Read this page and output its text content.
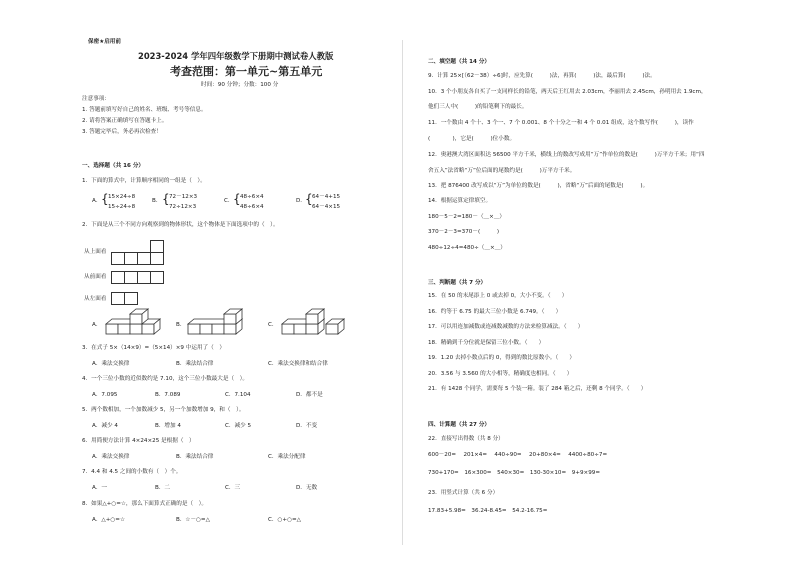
保密★启用前
2023-2024 学年四年级数学下册期中测试卷人教版
考查范围：第一单元~第五单元
时间：90 分钟；分数：100 分
注意事项：
1. 答题前填写好自己的姓名、班级、考号等信息。
2. 请将答案正确填写在答题卡上。
3. 答题完毕后，务必再次检查！
一、选择题（共 16 分）
1．下面的算式中，计算顺序相同的一组是（　）。
A． { 15×24÷8
15÷24÷8
B． { 72－12×3
72÷12×3
C． { 48÷6×4
48÷6×4
D． { 64－4+15
64－4×15
2．下面是从三个不同方向观察到的物体形状，这个物体是下面选项中的（　）。
从上面看
从前面看
从左面看
A．	B．	C．
3．在式子 5×（14×9）=（5×14）×9 中运用了（　）
A．乘法交换律	B．乘法结合律	C．乘法交换律和结合律
4．一个三位小数的近似数约是 7.10，这个三位小数最大是（　）。
A．7.095	B．7.089	C．7.104	D．都不是
5．两个数相加，一个加数减少 5，另一个加数增加 9，和（　）。
A．减少 4	B．增加 4	C．减少 5	D．不变
6．用简便方法计算 4×24×25 是根据（　）
A．乘法交换律	B．乘法结合律	C．乘法分配律
7．4.4 和 4.5 之间的小数有（　）个。
A．一	B．二	C．三	D．无数
8．如果△+○=☆，那么下面算式正确的是（　）。
A．△+○=☆	B．☆－○=△	C．○+○=△
二、填空题（共 14 分）
9．计算 25×[（62－38）÷6]时，应先算(　　　)法，再算(　　　)法，最后算(　　　)法。
10．3 个小朋友各自买了一支同样长的铅笔，两天后王红用去 2.03cm，李丽用去 2.45cm，孙明用去 1.9cm，
他们三人中(　　　)的铅笔剩下的最长。
11．一个数由 4 个十、3 个一、7 个 0.001、8 个十分之一和 4 个 0.01 组成，这个数写作(　　　)，读作
(　　　　)，它是(　　　)位小数。
12．奥港澳大湾区面积达 56500 平方千米，横线上的数改写成用“万”作单位的数是(　　　)万平方千米；用“四
舍五入”法省略“万”位后面的尾数约是(　　　)万平方千米。
13．把 876400 改写成以“万”为单位的数是(　　　)，省略“万”后面的尾数是(　　　)。
14．根据运算定律填空。
180－5－2=180－（＿×＿）
370－2－3=370－(　　　)
480÷12÷4=480÷（＿×＿）
三、判断题（共 7 分）
15．在 50 的末尾添上 0 或去掉 0，大小不变。（　　）
16．约等于 6.75 的最大三位小数是 6.749。（　　）
17．可以用连加减数或连减数减数的方法来检算减法。（　　）
18．精确到千分位就是保留三位小数。（　　）
19．1.20 去掉小数点后的 0，得到的数比原数小。（　　）
20．3.56 与 3.560 的大小相等，精确度也相同。（　　）
21．有 1428 个同学，需要每 5 个装一箱。装了 284 箱之后，还剩 8 个同学。（　　）
四、计算题（共 27 分）
22．直接写出得数（共 8 分）
600－20=　 201×4=　 440÷90=　 20+80×4=　 4400÷80÷7=
730+170=　16×300=　540×30=　130-30×10=　9+9×99=
23．用竖式计算（共 6 分）
17.83+5.98=　36.24-8.45=　54.2-16.75=
